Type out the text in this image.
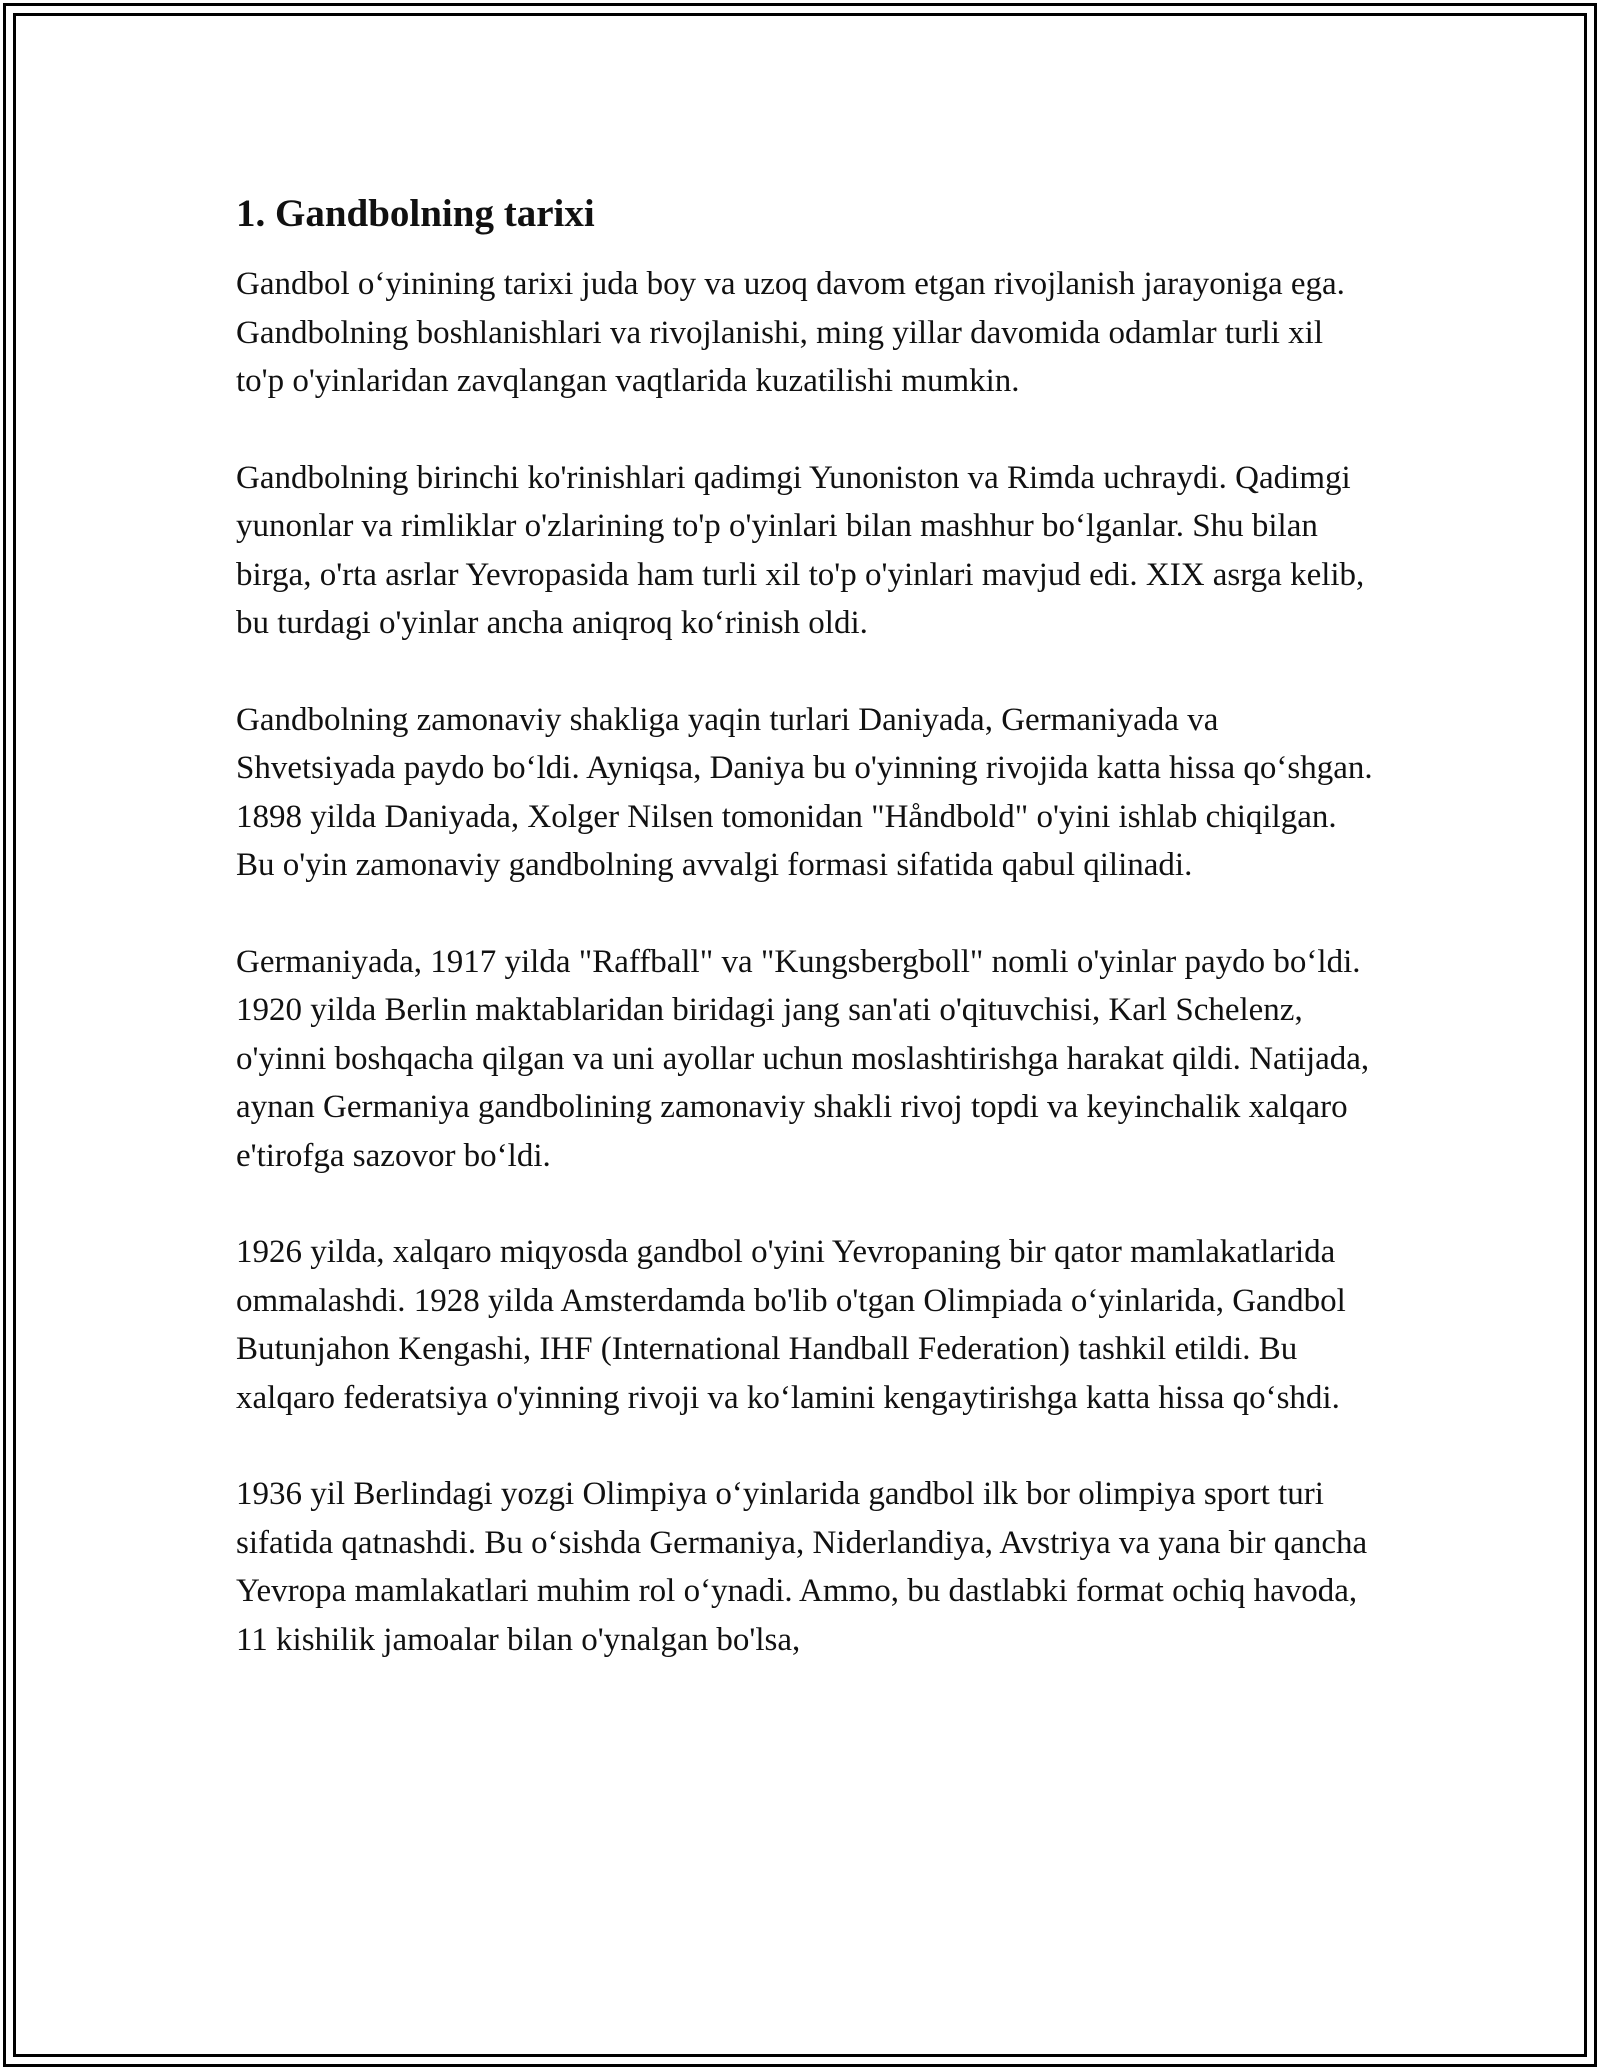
1. Gandbolning tarixi

Gandbol o‘yinining tarixi juda boy va uzoq davom etgan rivojlanish jarayoniga ega. Gandbolning boshlanishlari va rivojlanishi, ming yillar davomida odamlar turli xil to'p o'yinlaridan zavqlangan vaqtlarida kuzatilishi mumkin.

Gandbolning birinchi ko'rinishlari qadimgi Yunoniston va Rimda uchraydi. Qadimgi yunonlar va rimliklar o'zlarining to'p o'yinlari bilan mashhur bo‘lganlar. Shu bilan birga, o'rta asrlar Yevropasida ham turli xil to'p o'yinlari mavjud edi. XIX asrga kelib, bu turdagi o'yinlar ancha aniqroq ko‘rinish oldi.

Gandbolning zamonaviy shakliga yaqin turlari Daniyada, Germaniyada va Shvetsiyada paydo bo‘ldi. Ayniqsa, Daniya bu o'yinning rivojida katta hissa qo‘shgan. 1898 yilda Daniyada, Xolger Nilsen tomonidan "Håndbold" o'yini ishlab chiqilgan. Bu o'yin zamonaviy gandbolning avvalgi formasi sifatida qabul qilinadi.

Germaniyada, 1917 yilda "Raffball" va "Kungsbergboll" nomli o'yinlar paydo bo‘ldi. 1920 yilda Berlin maktablaridan biridagi jang san'ati o'qituvchisi, Karl Schelenz, o'yinni boshqacha qilgan va uni ayollar uchun moslashtirishga harakat qildi. Natijada, aynan Germaniya gandbolining zamonaviy shakli rivoj topdi va keyinchalik xalqaro e'tirofga sazovor bo‘ldi.

1926 yilda, xalqaro miqyosda gandbol o'yini Yevropaning bir qator mamlakatlarida ommalashdi. 1928 yilda Amsterdamda bo'lib o'tgan Olimpiada o‘yinlarida, Gandbol Butunjahon Kengashi, IHF (International Handball Federation) tashkil etildi. Bu xalqaro federatsiya o'yinning rivoji va ko‘lamini kengaytirishga katta hissa qo‘shdi.

1936 yil Berlindagi yozgi Olimpiya o‘yinlarida gandbol ilk bor olimpiya sport turi sifatida qatnashdi. Bu o‘sishda Germaniya, Niderlandiya, Avstriya va yana bir qancha Yevropa mamlakatlari muhim rol o‘ynadi. Ammo, bu dastlabki format ochiq havoda, 11 kishilik jamoalar bilan o'ynalgan bo'lsa,
